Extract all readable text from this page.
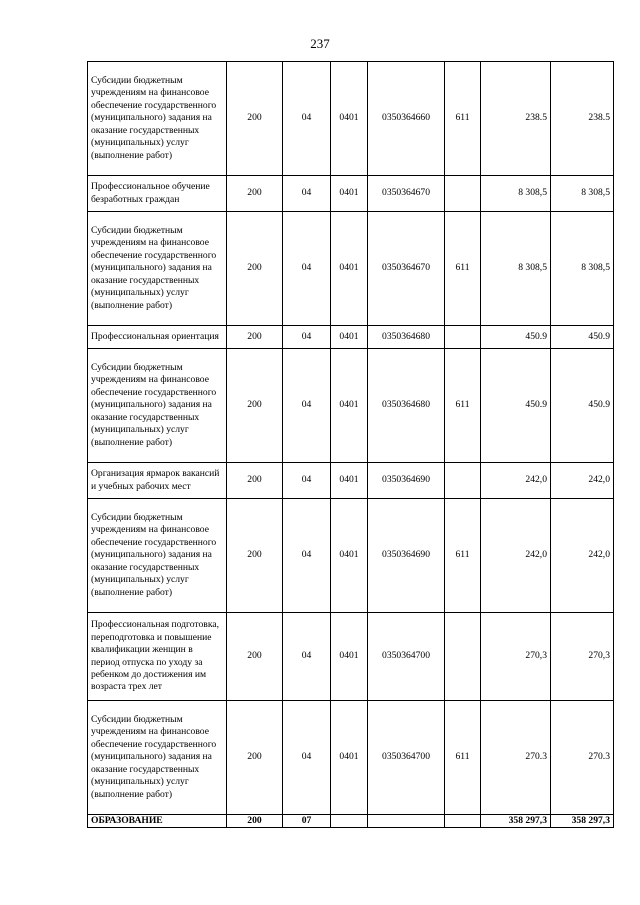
237
Субсидии бюджетным учреждениям на финансовое обеспечение государственного (муниципального) задания на оказание государственных (муниципальных) услуг (выполнение работ)	200	04	0401	0350364660	611	238.5	238.5
Профессиональное обучение безработных граждан	200	04	0401	0350364670		8 308,5	8 308,5
Субсидии бюджетным учреждениям на финансовое обеспечение государственного (муниципального) задания на оказание государственных (муниципальных) услуг (выполнение работ)	200	04	0401	0350364670	611	8 308,5	8 308,5
Профессиональная ориентация	200	04	0401	0350364680		450.9	450.9
Субсидии бюджетным учреждениям на финансовое обеспечение государственного (муниципального) задания на оказание государственных (муниципальных) услуг (выполнение работ)	200	04	0401	0350364680	611	450.9	450.9
Организация ярмарок вакансий и учебных рабочих мест	200	04	0401	0350364690		242,0	242,0
Субсидии бюджетным учреждениям на финансовое обеспечение государственного (муниципального) задания на оказание государственных (муниципальных) услуг (выполнение работ)	200	04	0401	0350364690	611	242,0	242,0
Профессиональная подготовка, переподготовка и повышение квалификации женщин в период отпуска по уходу за ребенком до достижения им возраста трех лет	200	04	0401	0350364700		270,3	270,3
Субсидии бюджетным учреждениям на финансовое обеспечение государственного (муниципального) задания на оказание государственных (муниципальных) услуг (выполнение работ)	200	04	0401	0350364700	611	270.3	270.3
ОБРАЗОВАНИЕ	200	07				358 297,3	358 297,3
